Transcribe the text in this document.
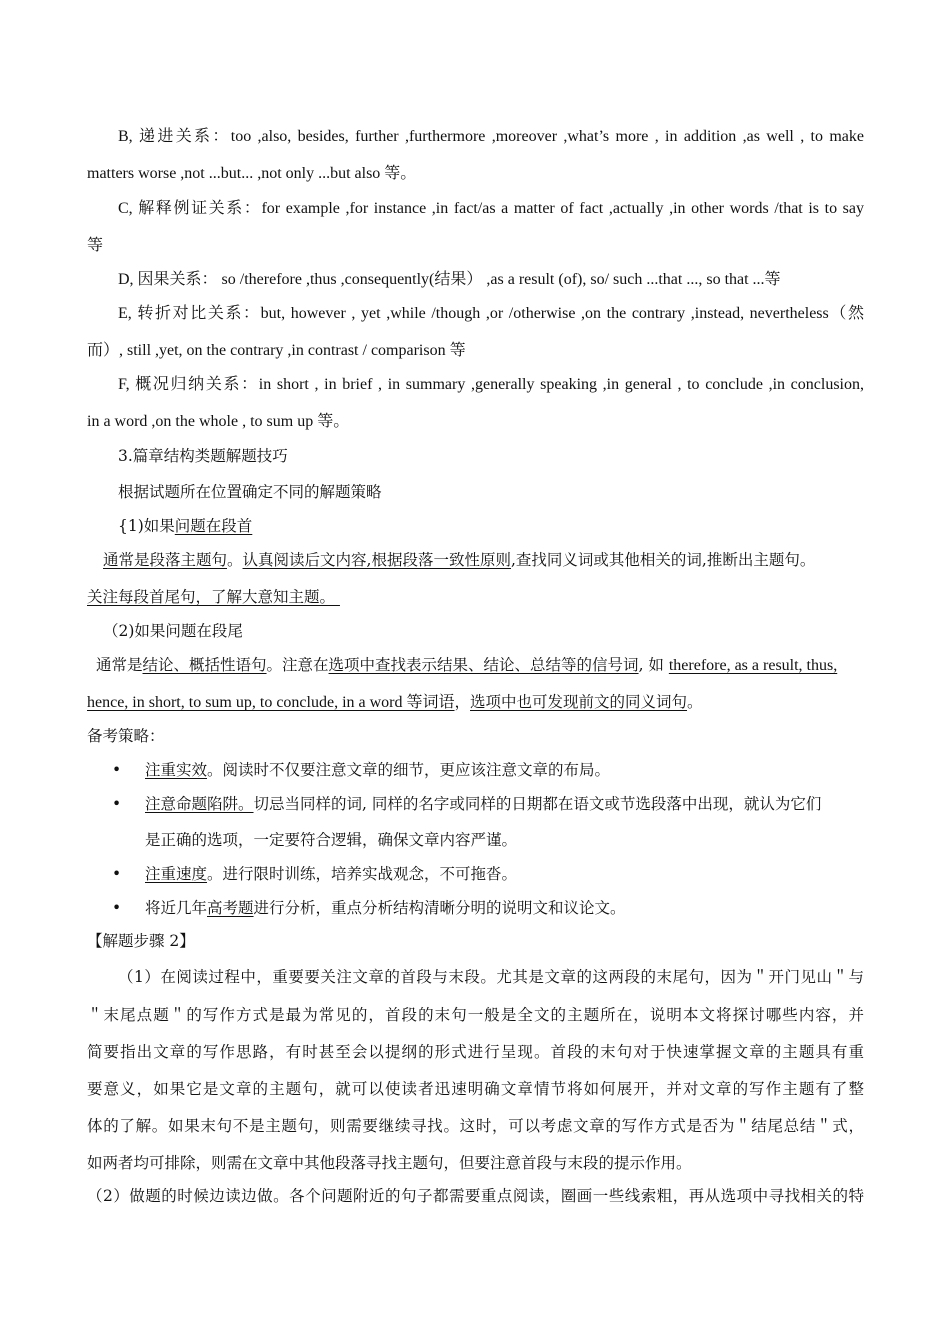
B, 递进关系：too ,also, besides, further ,furthermore ,moreover ,what’s more , in addition ,as well , to make
matters worse ,not ...but... ,not only ...but also 等。
C, 解释例证关系：for example ,for instance ,in fact/as a matter of fact ,actually ,in other words /that is to say
等
D, 因果关系： so /therefore ,thus ,consequently(结果） ,as a result (of), so/ such ...that ..., so that ...等
E, 转折对比关系：but, however , yet ,while /though ,or /otherwise ,on the contrary ,instead, nevertheless（然
而）, still ,yet, on the contrary ,in contrast / comparison 等
F, 概况归纳关系：in short , in brief , in summary ,generally speaking ,in general , to conclude ,in conclusion,
in a word ,on the whole , to sum up 等。
3.篇章结构类题解题技巧
根据试题所在位置确定不同的解题策略
{1)如果问题在段首
通常是段落主题句。认真阅读后文内容,根据段落一致性原则,查找同义词或其他相关的词,推断出主题句。
关注每段首尾句，了解大意知主题。
（2)如果问题在段尾
通常是结论、概括性语句。注意在选项中查找表示结果、结论、总结等的信号词, 如 therefore, as a result, thus,
hence, in short, to sum up, to conclude, in a word 等词语，选项中也可发现前文的同义词句。
备考策略：
• 注重实效。阅读时不仅要注意文章的细节，更应该注意文章的布局。
• 注意命题陷阱。切忌当同样的词, 同样的名字或同样的日期都在语文或节选段落中出现，就认为它们
是正确的选项，一定要符合逻辑，确保文章内容严谨。
• 注重速度。进行限时训练，培养实战观念，不可拖沓。
• 将近几年高考题进行分析，重点分析结构清晰分明的说明文和议论文。
【解题步骤 2】
（1）在阅读过程中，重要要关注文章的首段与末段。尤其是文章的这两段的末尾句，因为＂开门见山＂与
＂末尾点题＂的写作方式是最为常见的，首段的末句一般是全文的主题所在，说明本文将探讨哪些内容，并
简要指出文章的写作思路，有时甚至会以提纲的形式进行呈现。首段的末句对于快速掌握文章的主题具有重
要意义，如果它是文章的主题句，就可以使读者迅速明确文章情节将如何展开，并对文章的写作主题有了整
体的了解。如果末句不是主题句，则需要继续寻找。这时，可以考虑文章的写作方式是否为＂结尾总结＂式，
如两者均可排除，则需在文章中其他段落寻找主题句，但要注意首段与末段的提示作用。
（2）做题的时候边读边做。各个问题附近的句子都需要重点阅读，圈画一些线索粗，再从选项中寻找相关的特
